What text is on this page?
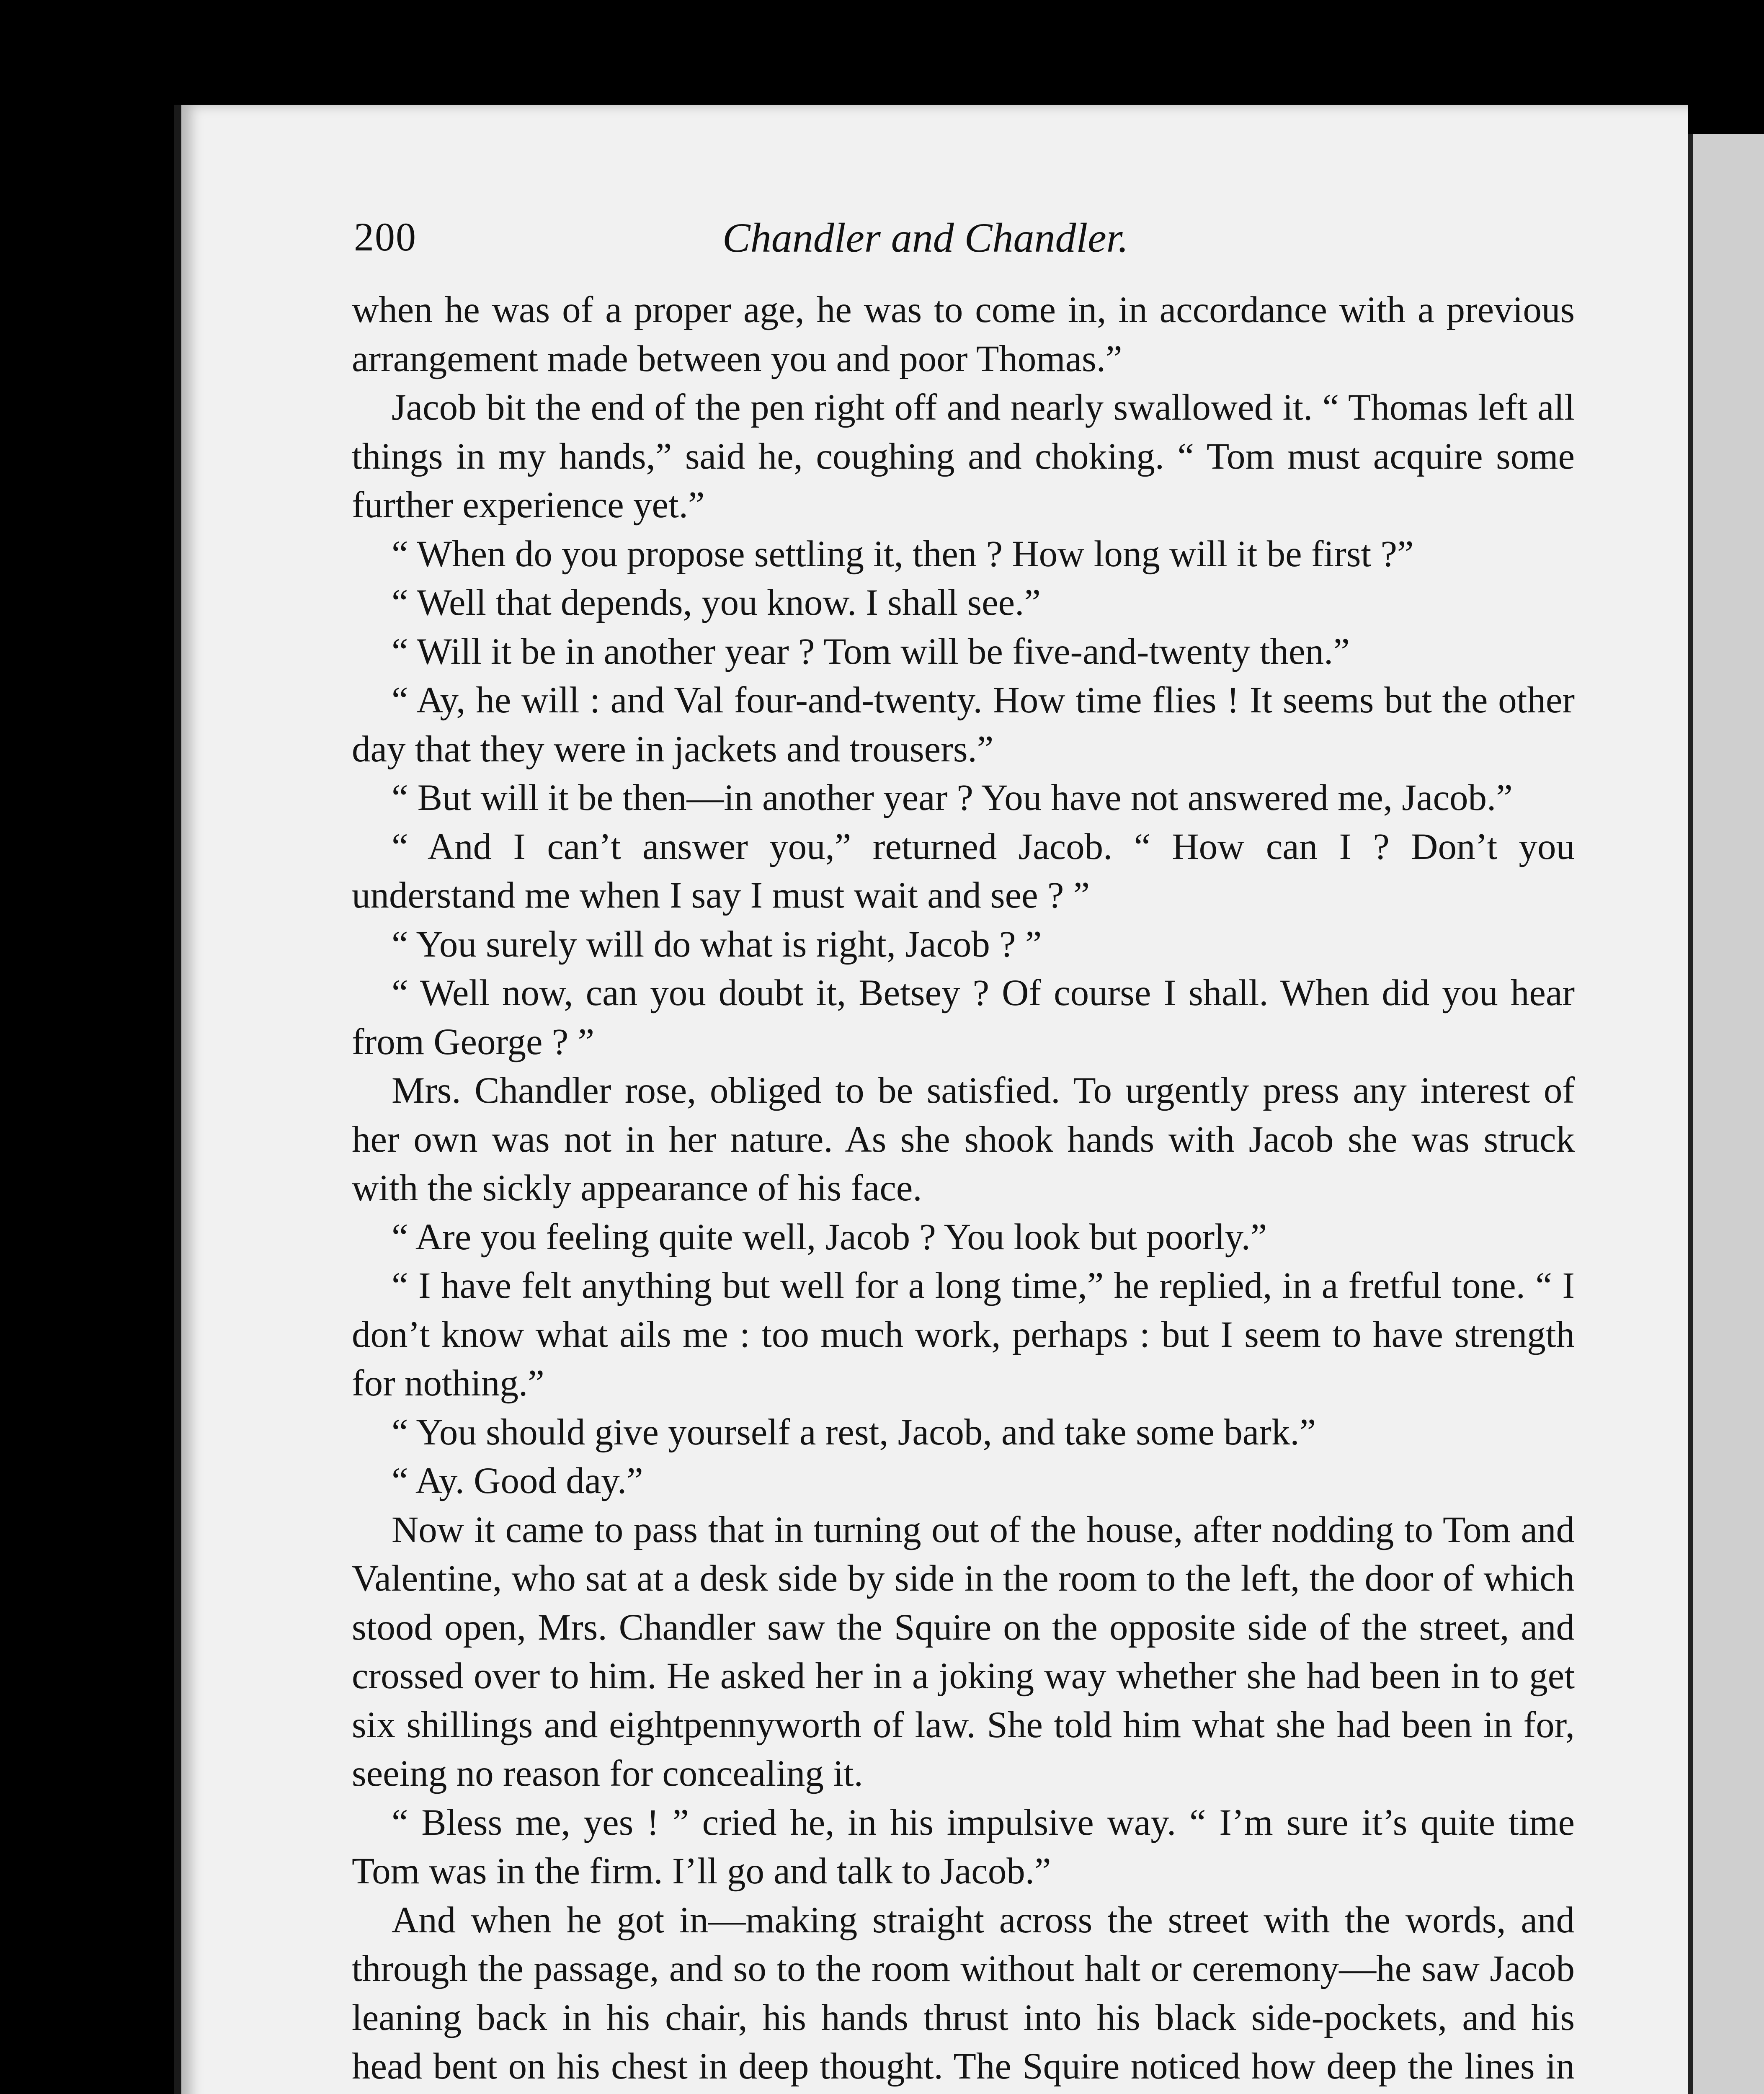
200	Chandler and Chandler.

when he was of a proper age, he was to come in, in accordance with a previous arrangement made between you and poor Thomas.”

Jacob bit the end of the pen right off and nearly swallowed it. “ Thomas left all things in my hands,” said he, coughing and choking. “ Tom must acquire some further experience yet.”

“ When do you propose settling it, then ? How long will it be first ?”

“ Well that depends, you know. I shall see.”

“ Will it be in another year ? Tom will be five-and-twenty then.”

“ Ay, he will : and Val four-and-twenty. How time flies ! It seems but the other day that they were in jackets and trousers.”

“ But will it be then—in another year ? You have not answered me, Jacob.”

“ And I can’t answer you,” returned Jacob. “ How can I ? Don’t you understand me when I say I must wait and see ? ”

“ You surely will do what is right, Jacob ? ”

“ Well now, can you doubt it, Betsey ? Of course I shall. When did you hear from George ? ”

Mrs. Chandler rose, obliged to be satisfied. To urgently press any interest of her own was not in her nature. As she shook hands with Jacob she was struck with the sickly appearance of his face.

“ Are you feeling quite well, Jacob ? You look but poorly.”

“ I have felt anything but well for a long time,” he replied, in a fretful tone. “ I don’t know what ails me : too much work, perhaps : but I seem to have strength for nothing.”

“ You should give yourself a rest, Jacob, and take some bark.”

“ Ay. Good day.”

Now it came to pass that in turning out of the house, after nodding to Tom and Valentine, who sat at a desk side by side in the room to the left, the door of which stood open, Mrs. Chandler saw the Squire on the opposite side of the street, and crossed over to him. He asked her in a joking way whether she had been in to get six shillings and eightpennyworth of law. She told him what she had been in for, seeing no reason for concealing it.

“ Bless me, yes ! ” cried he, in his impulsive way. “ I’m sure it’s quite time Tom was in the firm. I’ll go and talk to Jacob.”

And when he got in—making straight across the street with the words, and through the passage, and so to the room without halt or ceremony—he saw Jacob leaning back in his chair, his hands thrust into his black side-pockets, and his head bent on his chest in deep thought. The Squire noticed how deep the lines in
